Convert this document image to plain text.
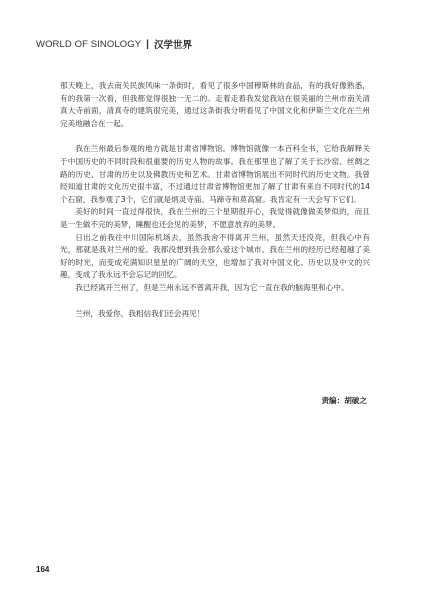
WORLD OF SINOLOGY | 汉学世界

那天晚上，我去南关民族风味一条街时，看见了很多中国穆斯林的食品，有的我好像熟悉，有的我第一次看，但我都觉得很独一无二的。走着走着我发觉我站在很美丽的兰州市南关清真大寺前面，清真寺的建筑很完美，通过这条街我分明看见了中国文化和伊斯兰文化在兰州完美地融合在一起。

我在兰州最后参观的地方就是甘肃省博物馆。博物馆就像一本百科全书，它给我解释关于中国历史的不同时段和很重要的历史人物的故事。我在那里也了解了关于长沙窑、丝绸之路的历史、甘肃的历史以及佛教历史和艺术。甘肃省博物馆展出不同时代的历史文物。我曾经知道甘肃的文化历史很丰富，不过通过甘肃省博物馆更加了解了甘肃有来自不同时代的14个石窟，我参观了3个，它们就是炳灵寺庙、马蹄寺和莫高窟。我肯定有一天会写下它们。

美好的时间一直过得很快，我在兰州的三个星期很开心，我觉得就像做美梦似的，而且是一生做不完的美梦，睡醒也还会见的美梦，不愿意放弃的美梦。

日出之前我往中川国际机场去，虽然我舍不得离开兰州，虽然天还没亮，但我心中有光，那就是我对兰州的爱。我都没想到我会那么爱这个城市。我在兰州的经历已经超越了美好的时光，而变成充满知识星星的广阔的天空，也增加了我对中国文化、历史以及中文的兴趣，变成了我永远不会忘记的回忆。

我已经离开兰州了，但是兰州永远不曾离开我，因为它一直在我的脑海里和心中。

兰州，我爱你，我相信我们还会再见！

责编：胡破之
164
